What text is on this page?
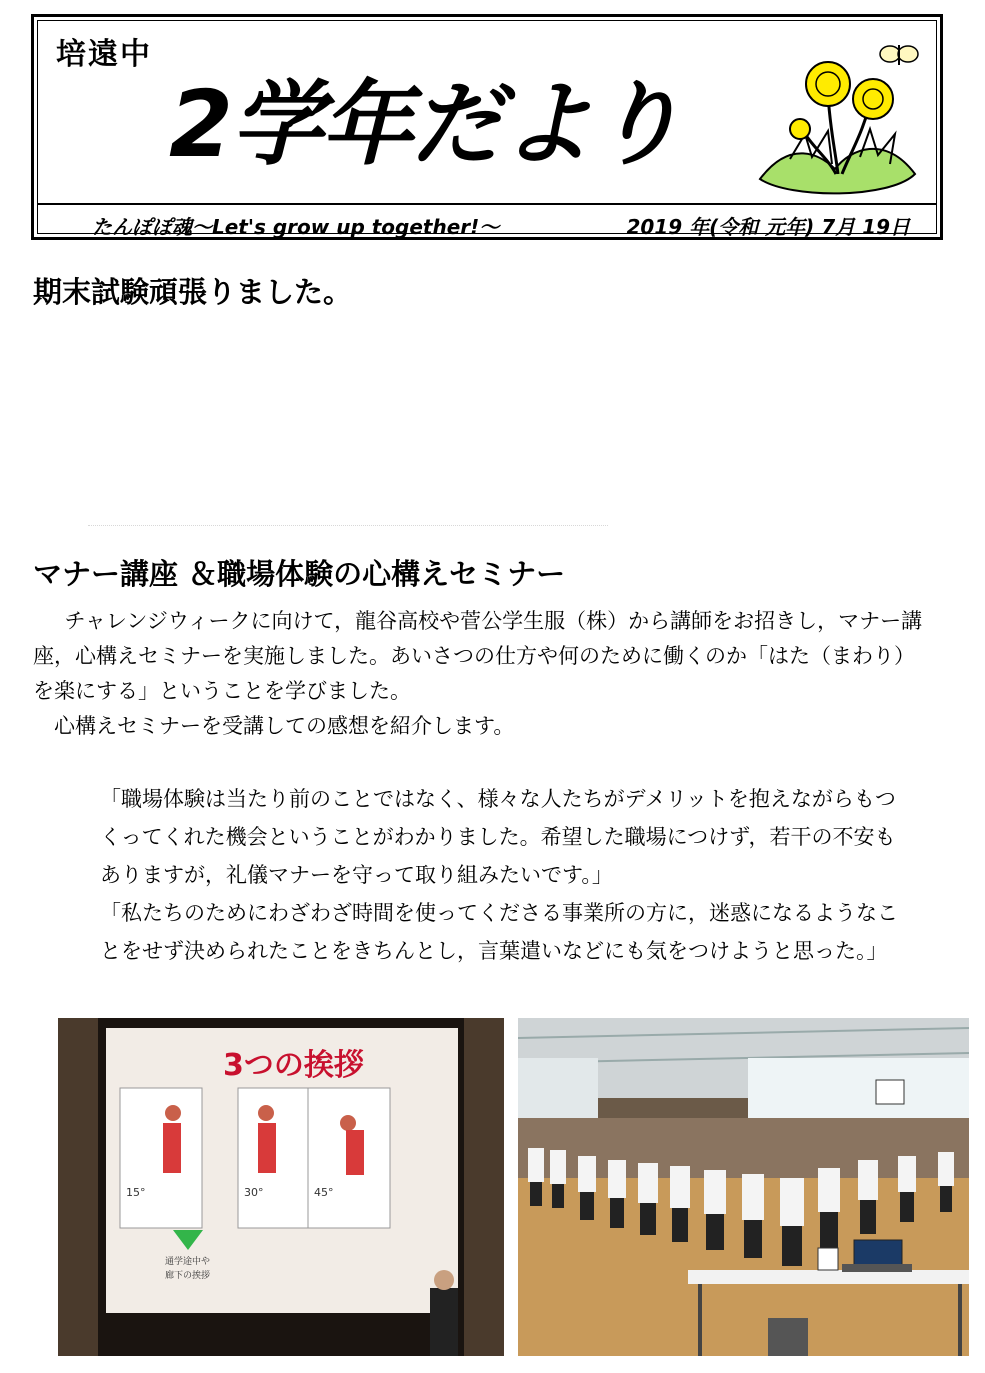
培遠中
2学年だより
たんぽぽ魂～Let's grow up together!～	2019 年(令和 元年) 7月 19日
期末試験頑張りました。
マナー講座 ＆職場体験の心構えセミナー

チャレンジウィークに向けて，龍谷高校や菅公学生服（株）から講師をお招きし，マナー講座，心構えセミナーを実施しました。あいさつの仕方や何のために働くのか「はた（まわり）を楽にする」ということを学びました。

心構えセミナーを受講しての感想を紹介します。

「職場体験は当たり前のことではなく、様々な人たちがデメリットを抱えながらもつくってくれた機会ということがわかりました。希望した職場につけず，若干の不安もありますが，礼儀マナーを守って取り組みたいです。」

「私たちのためにわざわざ時間を使ってくださる事業所の方に，迷惑になるようなことをせず決められたことをきちんとし，言葉遣いなどにも気をつけようと思った。」

3つの挨拶
15°	30°	45°
通学途中や
廊下の挨拶
